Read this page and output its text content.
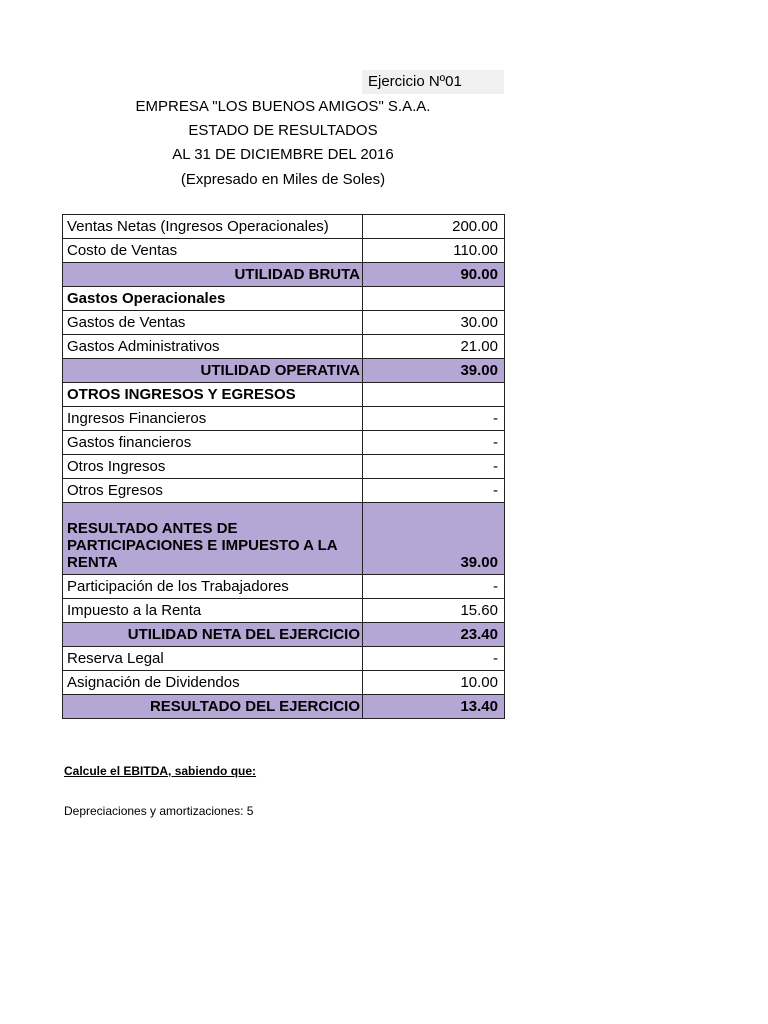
Ejercicio Nº01
EMPRESA "LOS BUENOS AMIGOS" S.A.A.
ESTADO DE RESULTADOS
AL 31 DE DICIEMBRE DEL 2016
(Expresado en Miles de Soles)
Ventas Netas (Ingresos Operacionales)	200.00
Costo de Ventas	110.00
UTILIDAD BRUTA	90.00
Gastos Operacionales	
Gastos de Ventas	30.00
Gastos Administrativos	21.00
UTILIDAD OPERATIVA	39.00
OTROS INGRESOS Y EGRESOS	
Ingresos Financieros	-
Gastos financieros	-
Otros Ingresos	-
Otros Egresos	-
RESULTADO ANTES DE PARTICIPACIONES E IMPUESTO A LA RENTA	39.00
Participación de los Trabajadores	-
Impuesto a la Renta	15.60
UTILIDAD NETA DEL EJERCICIO	23.40
Reserva Legal	-
Asignación de Dividendos	10.00
RESULTADO DEL EJERCICIO	13.40
Calcule el EBITDA, sabiendo que:
Depreciaciones y amortizaciones: 5
